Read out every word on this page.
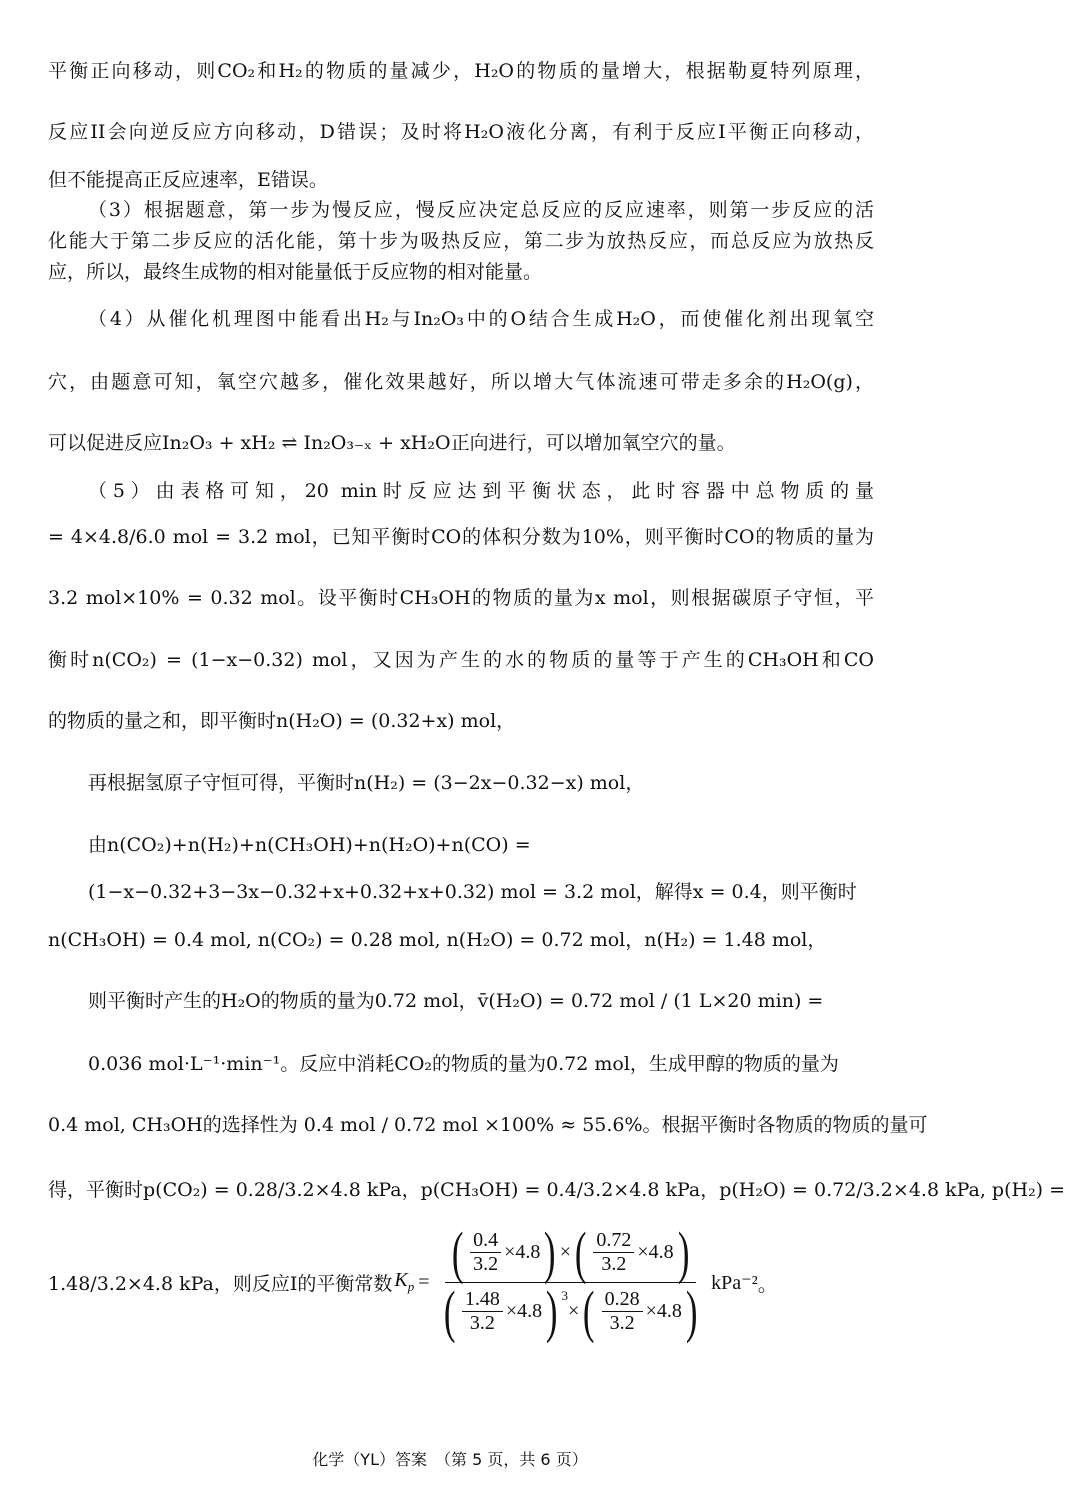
平衡正向移动，则CO₂和H₂的物质的量减少，H₂O的物质的量增大，根据勒夏特列原理，
反应II会向逆反应方向移动，D错误；及时将H₂O液化分离，有利于反应I平衡正向移动，
但不能提高正反应速率，E错误。
（3）根据题意，第一步为慢反应，慢反应决定总反应的反应速率，则第一步反应的活
化能大于第二步反应的活化能，第十步为吸热反应，第二步为放热反应，而总反应为放热反
应，所以，最终生成物的相对能量低于反应物的相对能量。
（4）从催化机理图中能看出H₂与In₂O₃中的O结合生成H₂O，而使催化剂出现氧空
穴，由题意可知，氧空穴越多，催化效果越好，所以增大气体流速可带走多余的H₂O(g)，
可以促进反应In₂O₃ + xH₂ ⇌ In₂O₃₋ₓ + xH₂O正向进行，可以增加氧空穴的量。
（5）由表格可知，20 min时反应达到平衡状态，此时容器中总物质的量
= 4×4.8/6.0 mol = 3.2 mol，已知平衡时CO的体积分数为10%，则平衡时CO的物质的量为
3.2 mol×10% = 0.32 mol。设平衡时CH₃OH的物质的量为x mol，则根据碳原子守恒，平
衡时n(CO₂) = (1−x−0.32) mol，又因为产生的水的物质的量等于产生的CH₃OH和CO
的物质的量之和，即平衡时n(H₂O) = (0.32+x) mol，
再根据氢原子守恒可得，平衡时n(H₂) = (3−2x−0.32−x) mol，
由n(CO₂)+n(H₂)+n(CH₃OH)+n(H₂O)+n(CO) =
(1−x−0.32+3−3x−0.32+x+0.32+x+0.32) mol = 3.2 mol，解得x = 0.4，则平衡时
n(CH₃OH) = 0.4 mol, n(CO₂) = 0.28 mol, n(H₂O) = 0.72 mol，n(H₂) = 1.48 mol，
则平衡时产生的H₂O的物质的量为0.72 mol，v̄(H₂O) = 0.72 mol / (1 L×20 min) =
0.036 mol·L⁻¹·min⁻¹。反应中消耗CO₂的物质的量为0.72 mol，生成甲醇的物质的量为
0.4 mol, CH₃OH的选择性为 0.4 mol / 0.72 mol ×100% ≈ 55.6%。根据平衡时各物质的物质的量可
得，平衡时p(CO₂) = 0.28/3.2×4.8 kPa，p(CH₃OH) = 0.4/3.2×4.8 kPa，p(H₂O) = 0.72/3.2×4.8 kPa, p(H₂) =
1.48/3.2×4.8 kPa，则反应I的平衡常数 $K_p$ = ( $\frac{0.4}{3.2} \times 4.8$ ) × ( $\frac{0.72}{3.2} \times 4.8$ )
( $\frac{1.48}{3.2} \times 4.8$ ) 3
× ( $\frac{0.28}{3.2} \times 4.8$ ) kPa⁻² 。
化学（YL）答案　（第 5 页，共 6 页）
